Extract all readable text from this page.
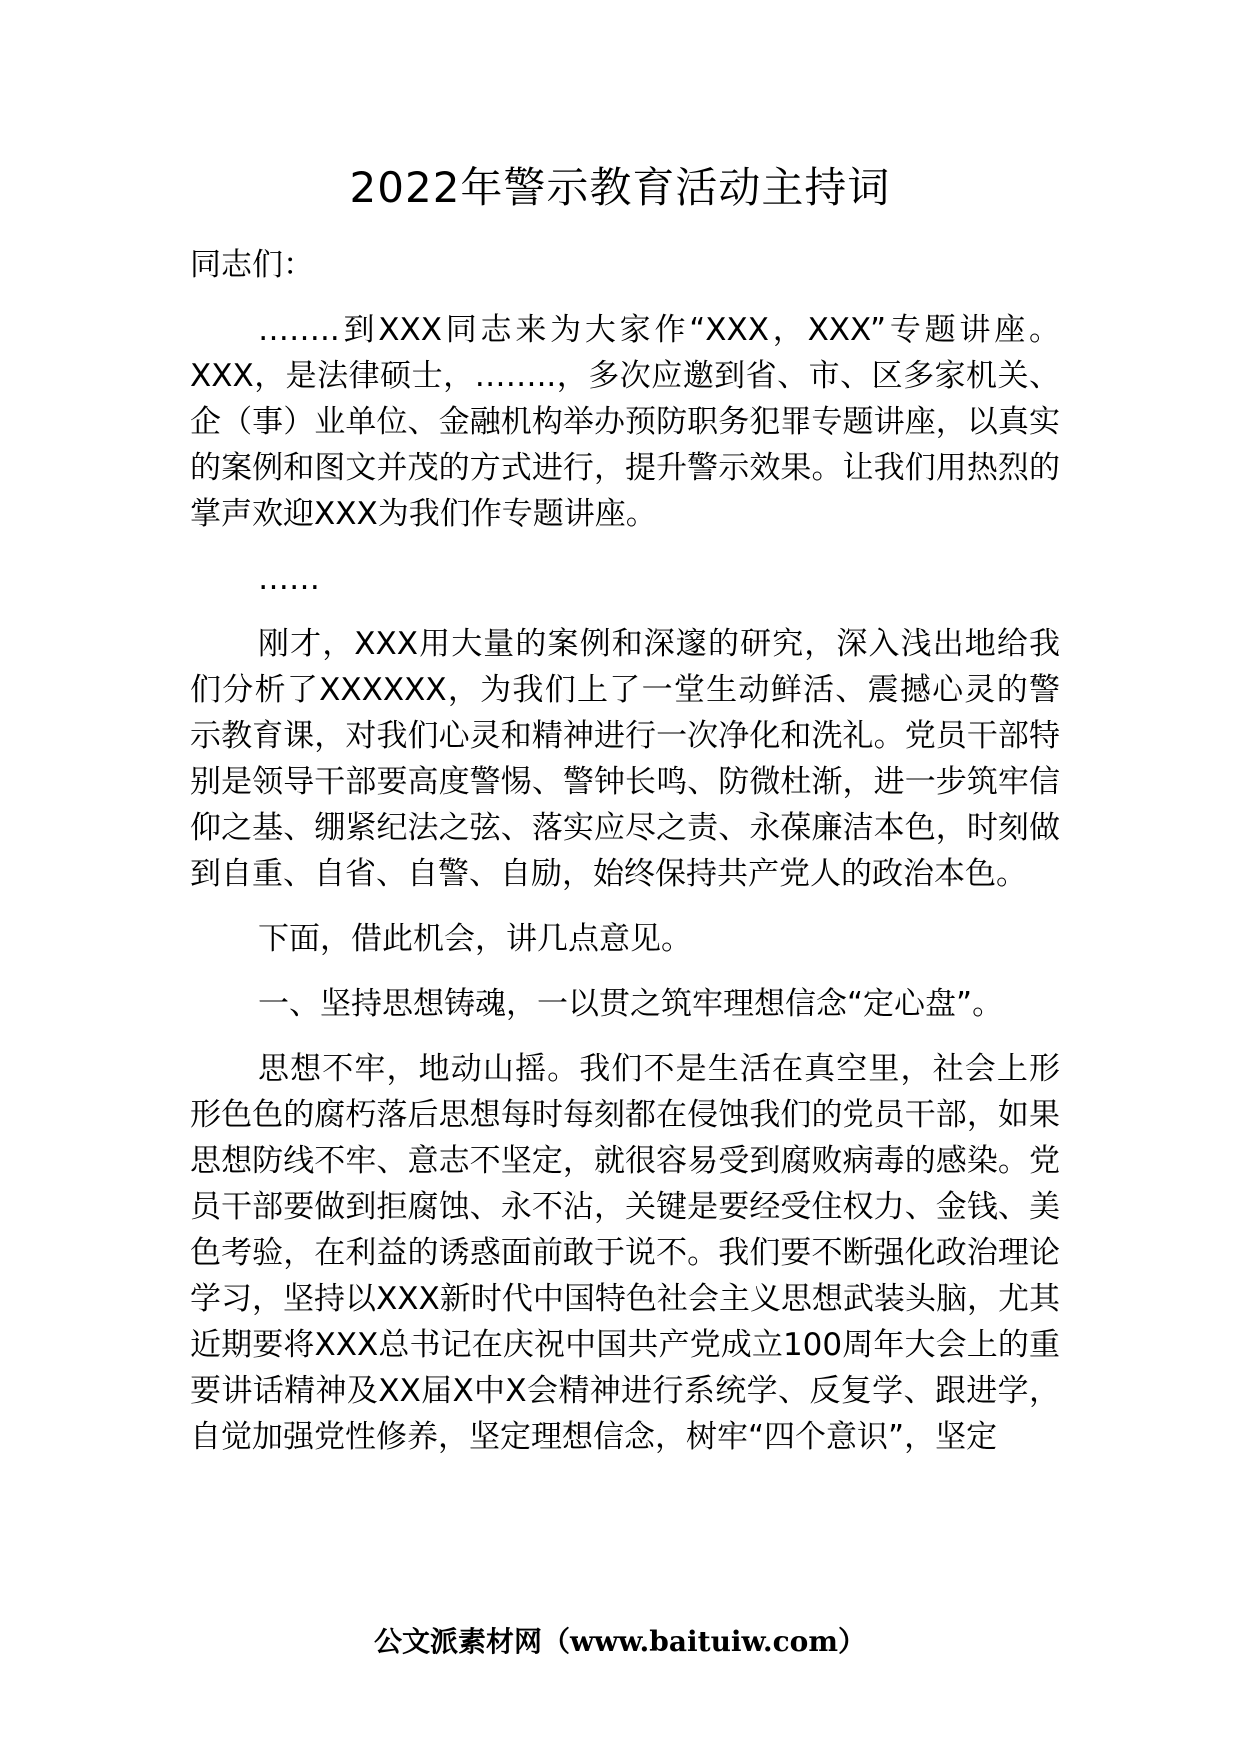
2022年警示教育活动主持词

同志们：

……..到XXX同志来为大家作“XXX，XXX”专题讲座。XXX，是法律硕士，……..，多次应邀到省、市、区多家机关、企（事）业单位、金融机构举办预防职务犯罪专题讲座，以真实的案例和图文并茂的方式进行，提升警示效果。让我们用热烈的掌声欢迎XXX为我们作专题讲座。

……

刚才，XXX用大量的案例和深邃的研究，深入浅出地给我们分析了XXXXXX，为我们上了一堂生动鲜活、震撼心灵的警示教育课，对我们心灵和精神进行一次净化和洗礼。党员干部特别是领导干部要高度警惕、警钟长鸣、防微杜渐，进一步筑牢信仰之基、绷紧纪法之弦、落实应尽之责、永葆廉洁本色，时刻做到自重、自省、自警、自励，始终保持共产党人的政治本色。

下面，借此机会，讲几点意见。

一、坚持思想铸魂，一以贯之筑牢理想信念“定心盘”。

思想不牢，地动山摇。我们不是生活在真空里，社会上形形色色的腐朽落后思想每时每刻都在侵蚀我们的党员干部，如果思想防线不牢、意志不坚定，就很容易受到腐败病毒的感染。党员干部要做到拒腐蚀、永不沾，关键是要经受住权力、金钱、美色考验，在利益的诱惑面前敢于说不。我们要不断强化政治理论学习，坚持以XXX新时代中国特色社会主义思想武装头脑，尤其近期要将XXX总书记在庆祝中国共产党成立100周年大会上的重要讲话精神及XX届X中X会精神进行系统学、反复学、跟进学，自觉加强党性修养，坚定理想信念，树牢“四个意识”，坚定

公文派素材网（www.baituiw.com）
